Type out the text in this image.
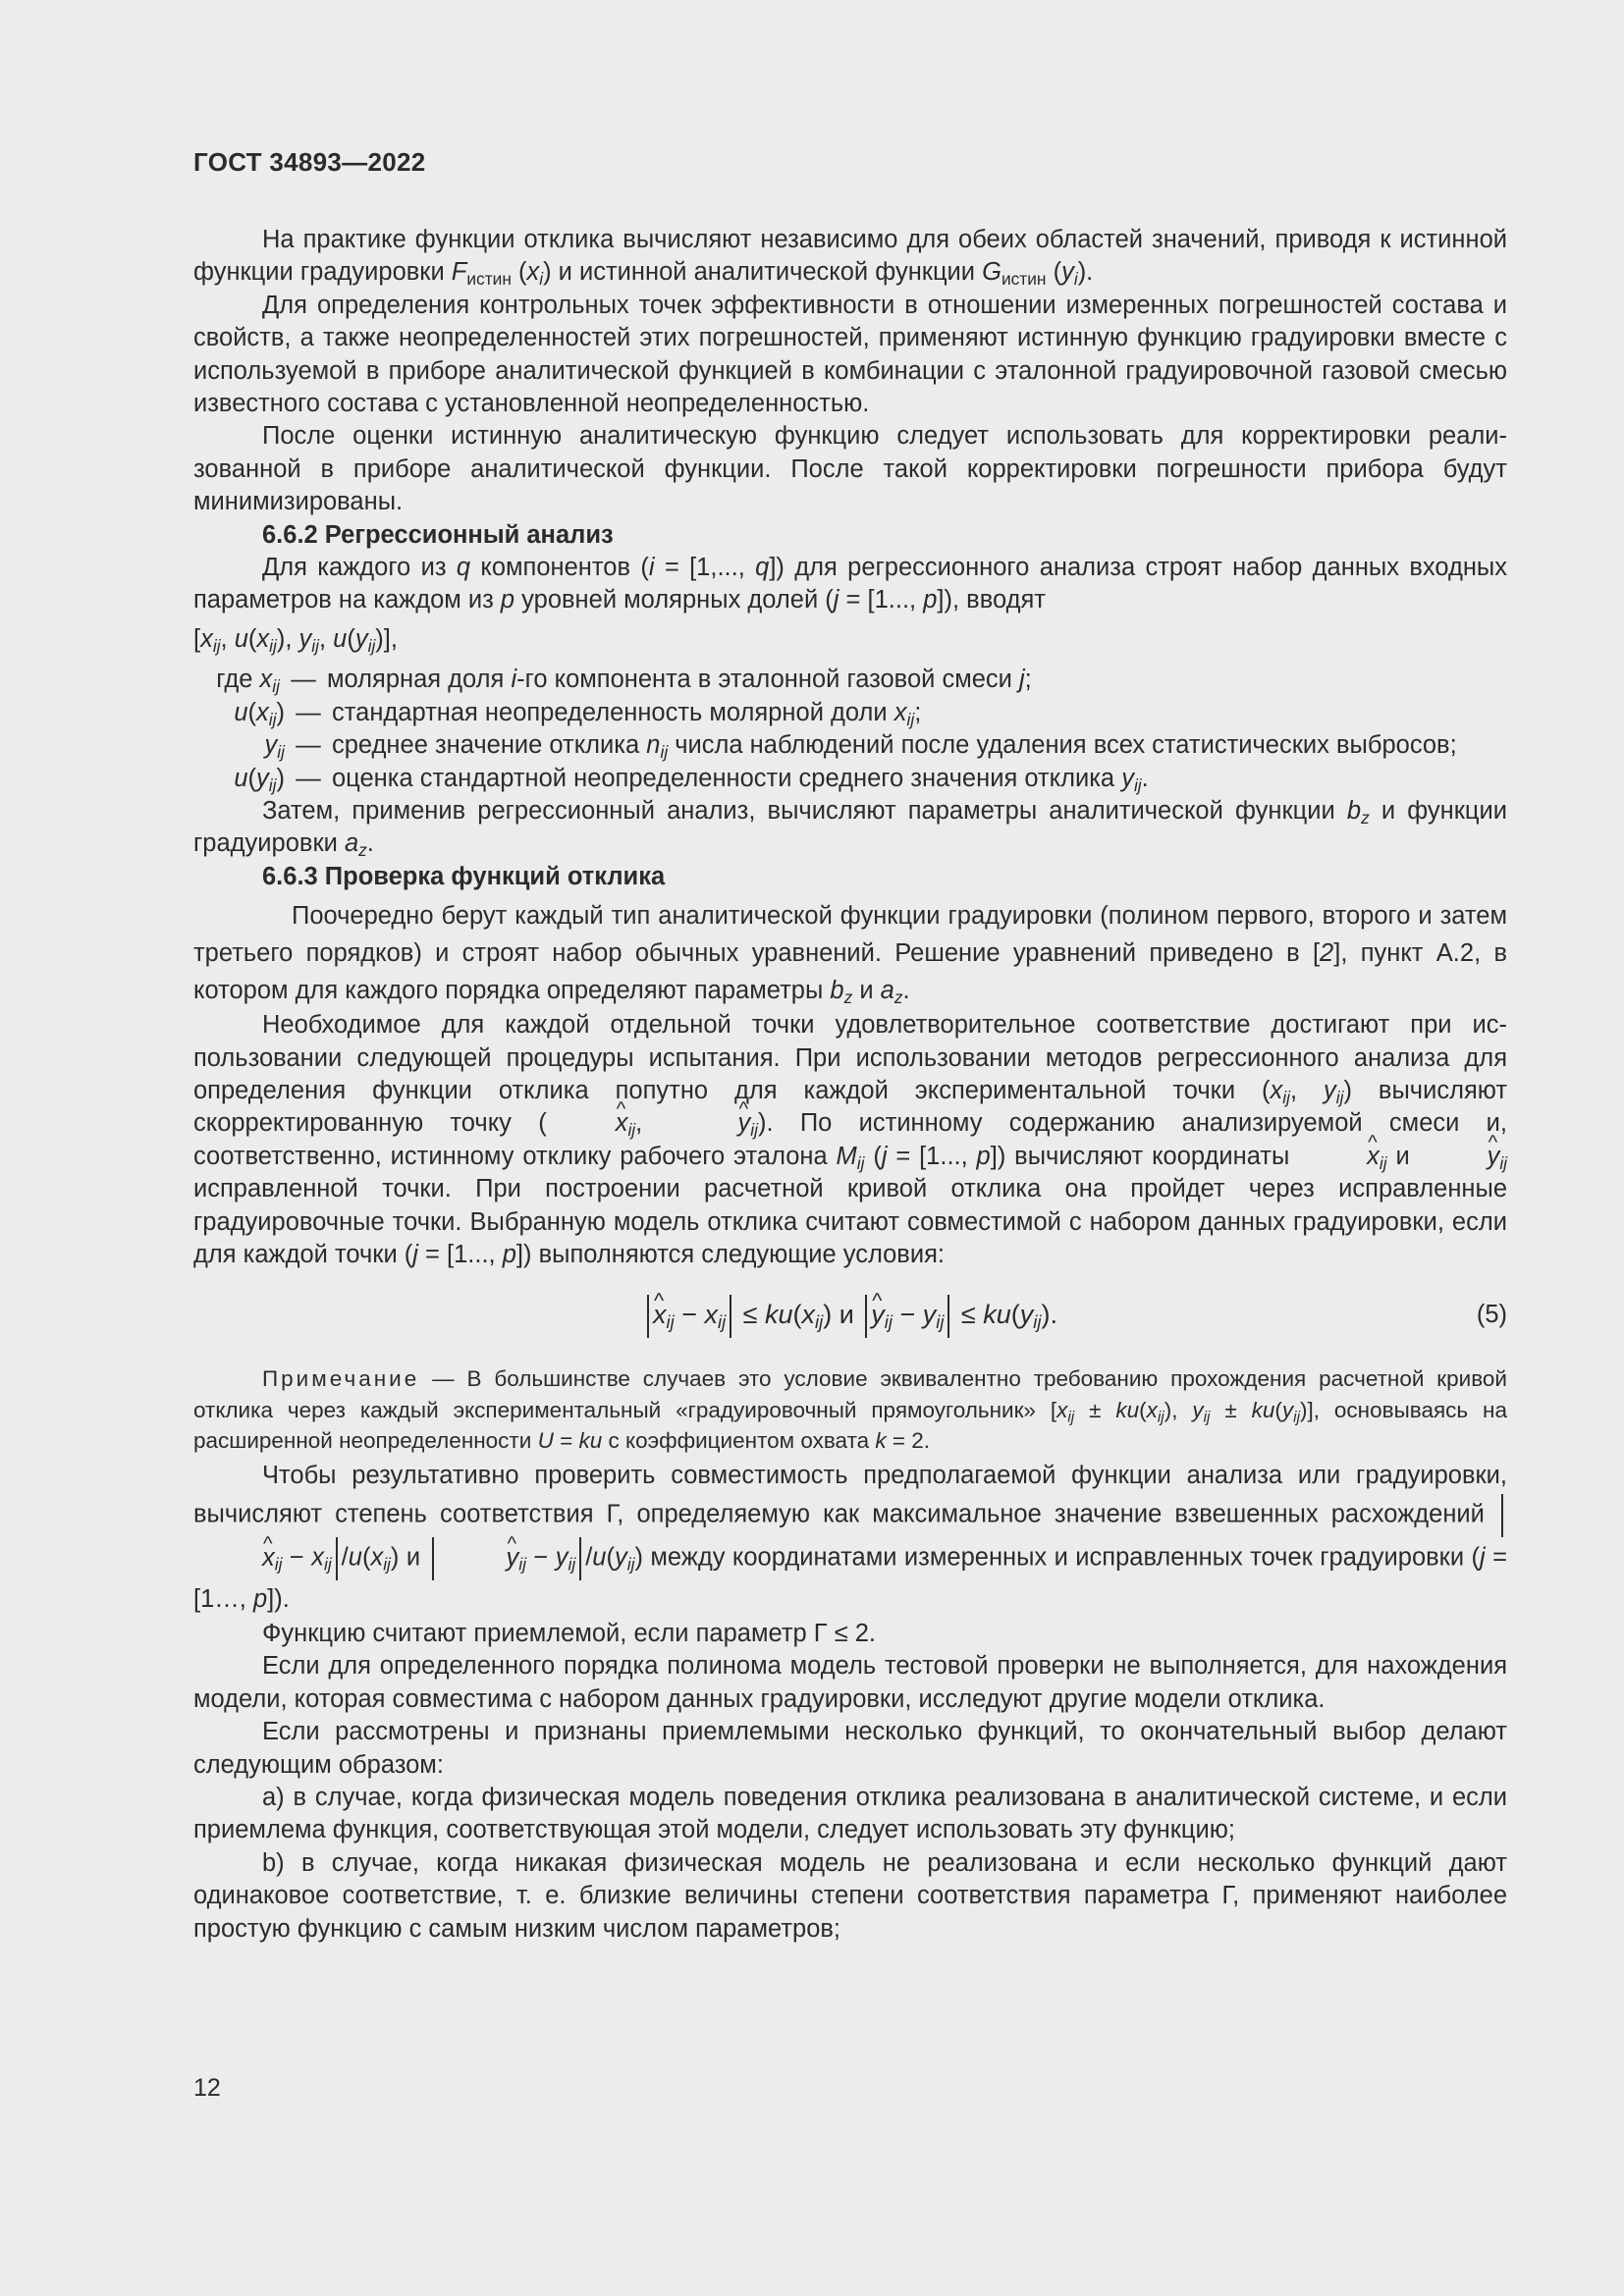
ГОСТ 34893—2022

На практике функции отклика вычисляют независимо для обеих областей значений, приводя к истинной функции градуировки $F_{истин}$ $(x_i)$ и истинной аналитической функции $G_{истин}$ $(y_i)$.

Для определения контрольных точек эффективности в отношении измеренных погрешностей состава и свойств, а также неопределенностей этих погрешностей, применяют истинную функцию градуировки вместе с используемой в приборе аналитической функцией в комбинации с эталонной градуировочной газовой смесью известного состава с установленной неопределенностью.

После оценки истинную аналитическую функцию следует использовать для корректировки реализованной в приборе аналитической функции. После такой корректировки погрешности прибора будут минимизированы.

6.6.2 Регрессионный анализ

Для каждого из q компонентов (i = [1,..., q]) для регрессионного анализа строят набор данных входных параметров на каждом из p уровней молярных долей (j = [1..., p]), вводят

[$x_{ij}$, $u(x_{ij})$, $y_{ij}$, $u(y_{ij})$],

где $x_{ij}$ — молярная доля i-го компонента в эталонной газовой смеси j;
$u(x_{ij})$ — стандартная неопределенность молярной доли $x_{ij}$;
$y_{ij}$ — среднее значение отклика $n_{ij}$ числа наблюдений после удаления всех статистических выбросов;
$u(y_{ij})$ — оценка стандартной неопределенности среднего значения отклика $y_{ij}$.

Затем, применив регрессионный анализ, вычисляют параметры аналитической функции $b_z$ и функции градуировки $a_z$.

6.6.3 Проверка функций отклика

Поочередно берут каждый тип аналитической функции градуировки (полином первого, второго и затем третьего порядков) и строят набор обычных уравнений. Решение уравнений приведено в [2], пункт А.2, в котором для каждого порядка определяют параметры $b_z$ и $a_z$.

Необходимое для каждой отдельной точки удовлетворительное соответствие достигают при использовании следующей процедуры испытания. При использовании методов регрессионного анализа для определения функции отклика попутно для каждой экспериментальной точки ($x_{ij}$, $y_{ij}$) вычисляют скорректированную точку (	^ $x_{ij}$,	^ $y_{ij}$). По истинному содержанию анализируемой смеси и, соответственно, истинному отклику рабочего эталона $M_{ij}$ (j = [1..., p]) вычисляют координаты	^ $x_{ij}$ и	^ $y_{ij}$ исправленной точки. При построении расчетной кривой отклика она пройдет через исправленные градуировочные точки. Выбранную модель отклика считают совместимой с набором данных градуировки, если для каждой точки (j = [1..., p]) выполняются следующие условия:

^ $x_{ij} - x_{ij} \le ku(x_{ij})$ и ^ $y_{ij} - y_{ij} \le ku(y_{ij})$.	(5)

Примечание — В большинстве случаев это условие эквивалентно требованию прохождения расчетной кривой отклика через каждый экспериментальный «градуировочный прямоугольник» [$x_{ij} \pm ku(x_{ij})$, $y_{ij} \pm ku(y_{ij})$], основываясь на расширенной неопределенности U = ku с коэффициентом охвата k = 2.

Чтобы результативно проверить совместимость предполагаемой функции анализа или градуировки, вычисляют степень соответствия Г, определяемую как максимальное значение взвешенных расхождений ^ $x_{ij} - x_{ij}$ $/u(x_{ij})$ и	^ $y_{ij} - y_{ij}$ $/u(y_{ij})$ между координатами измеренных и исправленных точек градуировки (j = [1…, p]).

Функцию считают приемлемой, если параметр Г ≤ 2.

Если для определенного порядка полинома модель тестовой проверки не выполняется, для нахождения модели, которая совместима с набором данных градуировки, исследуют другие модели отклика.

Если рассмотрены и признаны приемлемыми несколько функций, то окончательный выбор делают следующим образом:

а) в случае, когда физическая модель поведения отклика реализована в аналитической системе, и если приемлема функция, соответствующая этой модели, следует использовать эту функцию;

b) в случае, когда никакая физическая модель не реализована и если несколько функций дают одинаковое соответствие, т. е. близкие величины степени соответствия параметра Г, применяют наиболее простую функцию с самым низким числом параметров;

12
